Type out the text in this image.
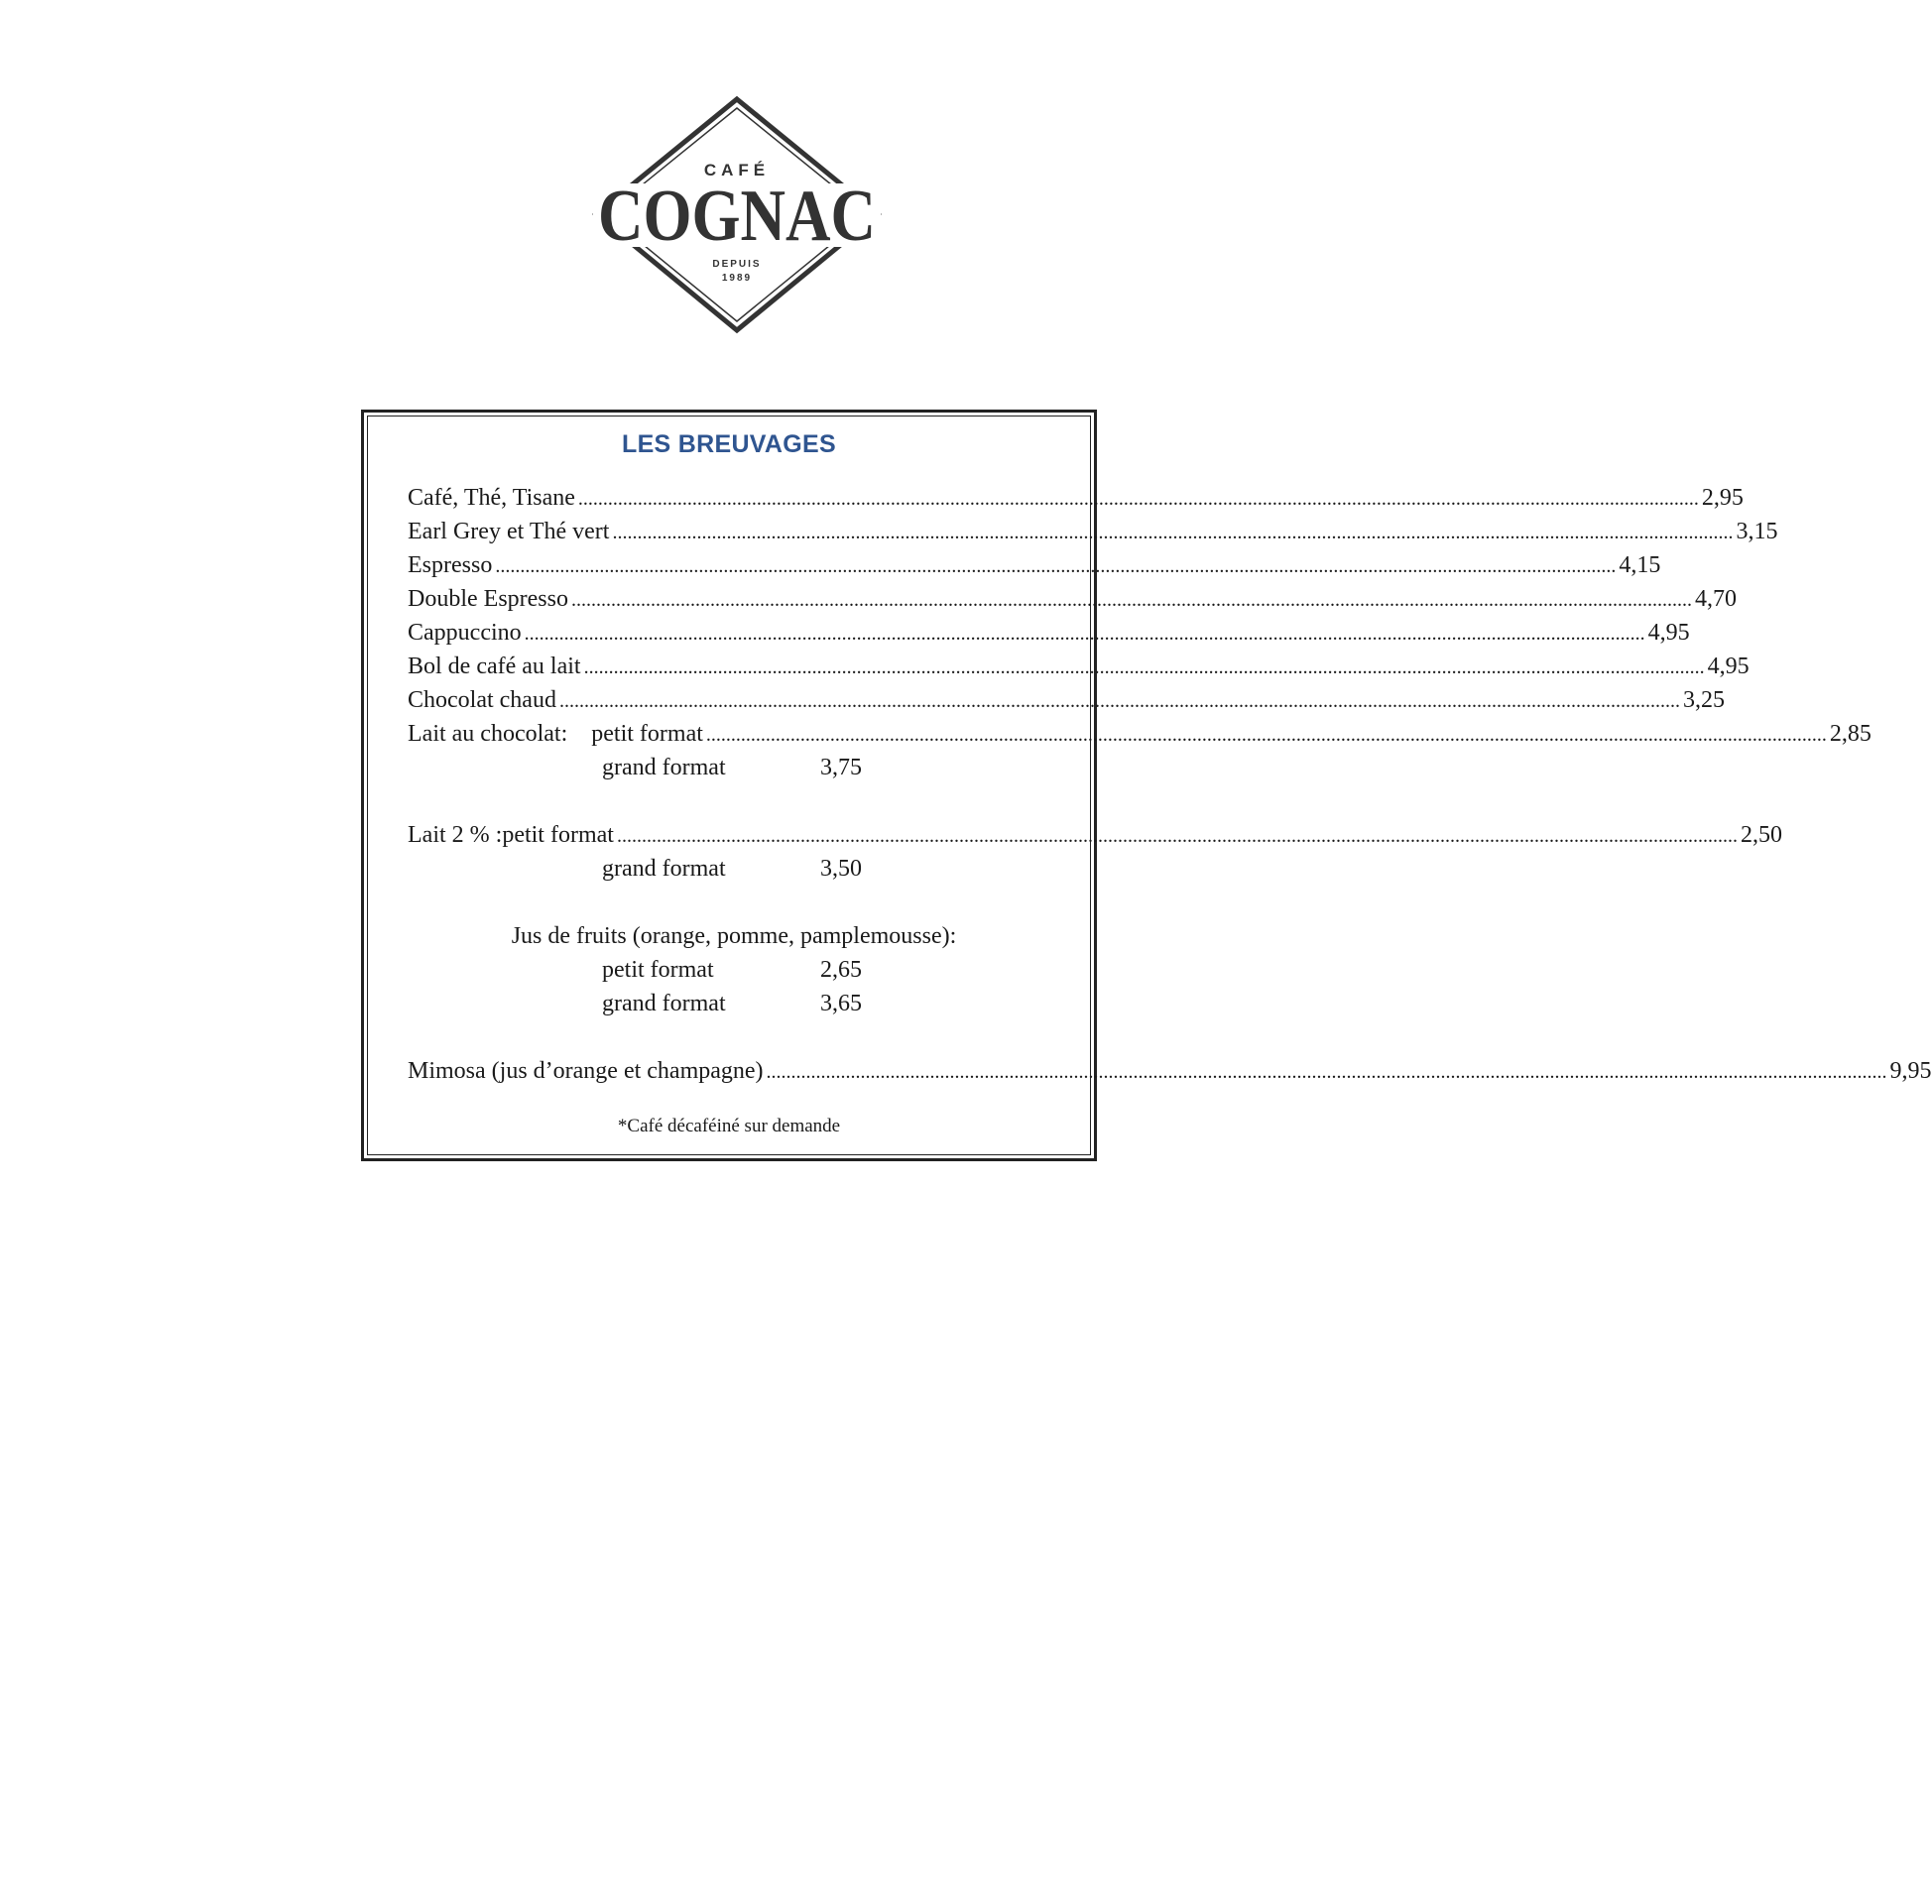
CAFÉ
COGNAC
DEPUIS
1989
LES BREUVAGES
Café, Thé, Tisane .....	2,95
Earl Grey et Thé vert .....	3,15
Espresso .....	4,15
Double Espresso .....	4,70
Cappuccino .....	4,95
Bol de café au lait .....	4,95
Chocolat chaud .....	3,25
Lait au chocolat: petit format .....	2,85
grand format	3,75
Lait 2 % : petit format .....	2,50
grand format	3,50
Jus de fruits (orange, pomme, pamplemousse):
petit format	2,65
grand format	3,65
Mimosa (jus d’orange et champagne) .....	9,95
*Café décaféiné sur demande
